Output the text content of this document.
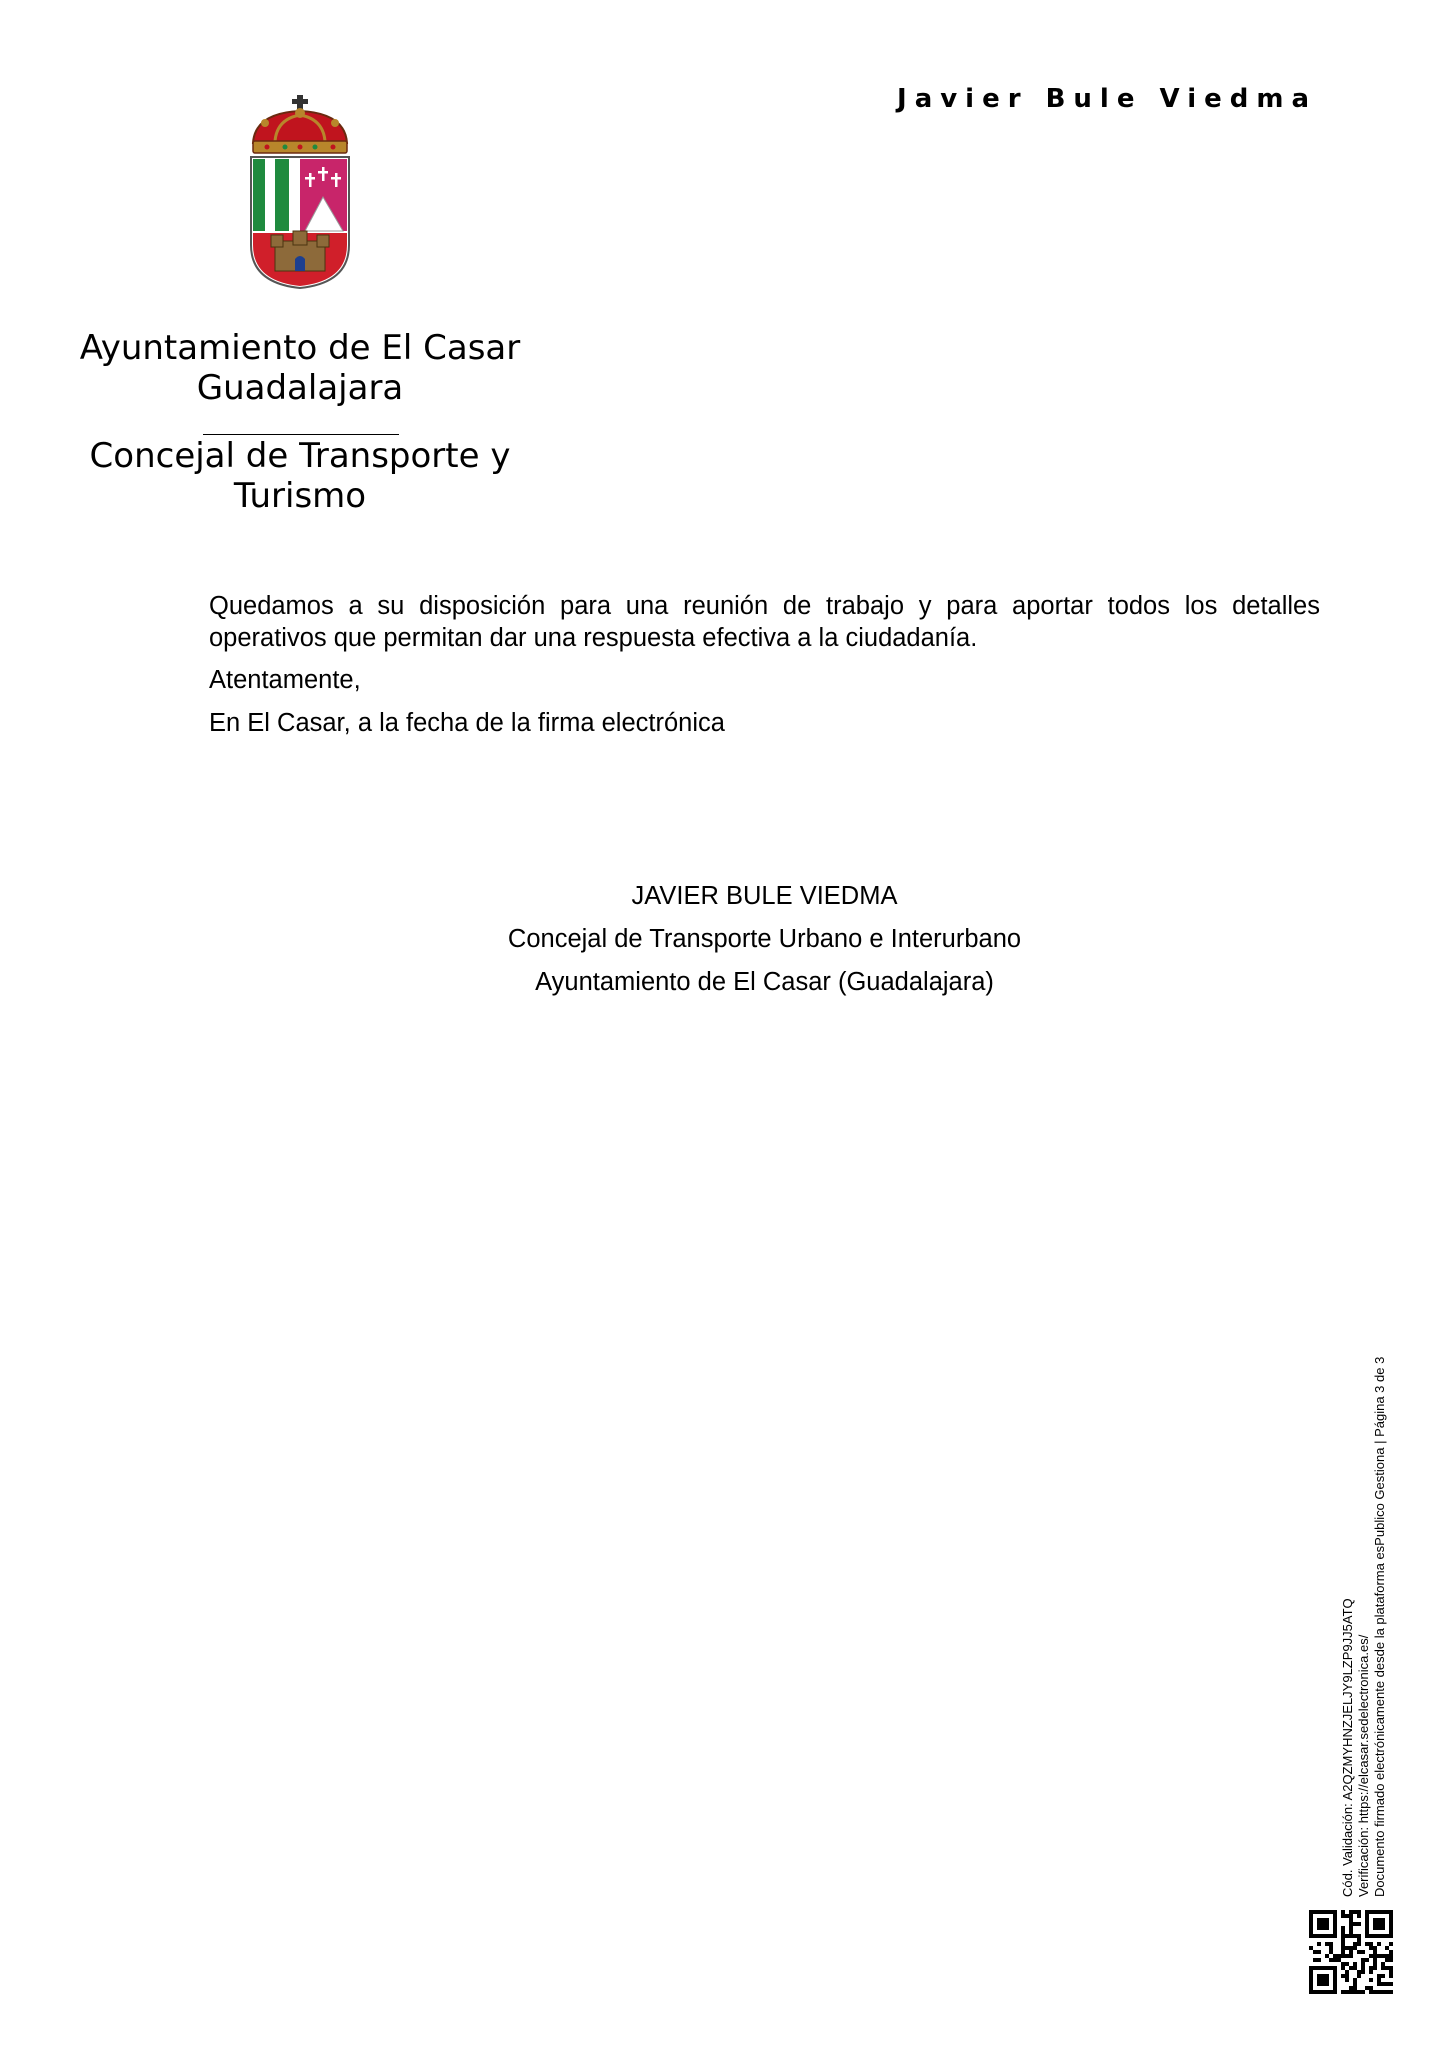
Javier Bule Viedma
Ayuntamiento de El Casar
Guadalajara
Concejal de Transporte y
Turismo
Quedamos a su disposición para una reunión de trabajo y para aportar todos los detalles operativos que permitan dar una respuesta efectiva a la ciudadanía.
Atentamente,
En El Casar, a la fecha de la firma electrónica
JAVIER BULE VIEDMA
Concejal de Transporte Urbano e Interurbano
Ayuntamiento de El Casar (Guadalajara)
Cód. Validación: A2QZMYHNZJELJY9LZP9JJ5ATQ Verificación: https://elcasar.sedelectronica.es/ Documento firmado electrónicamente desde la plataforma esPublico Gestiona | Página 3 de 3
